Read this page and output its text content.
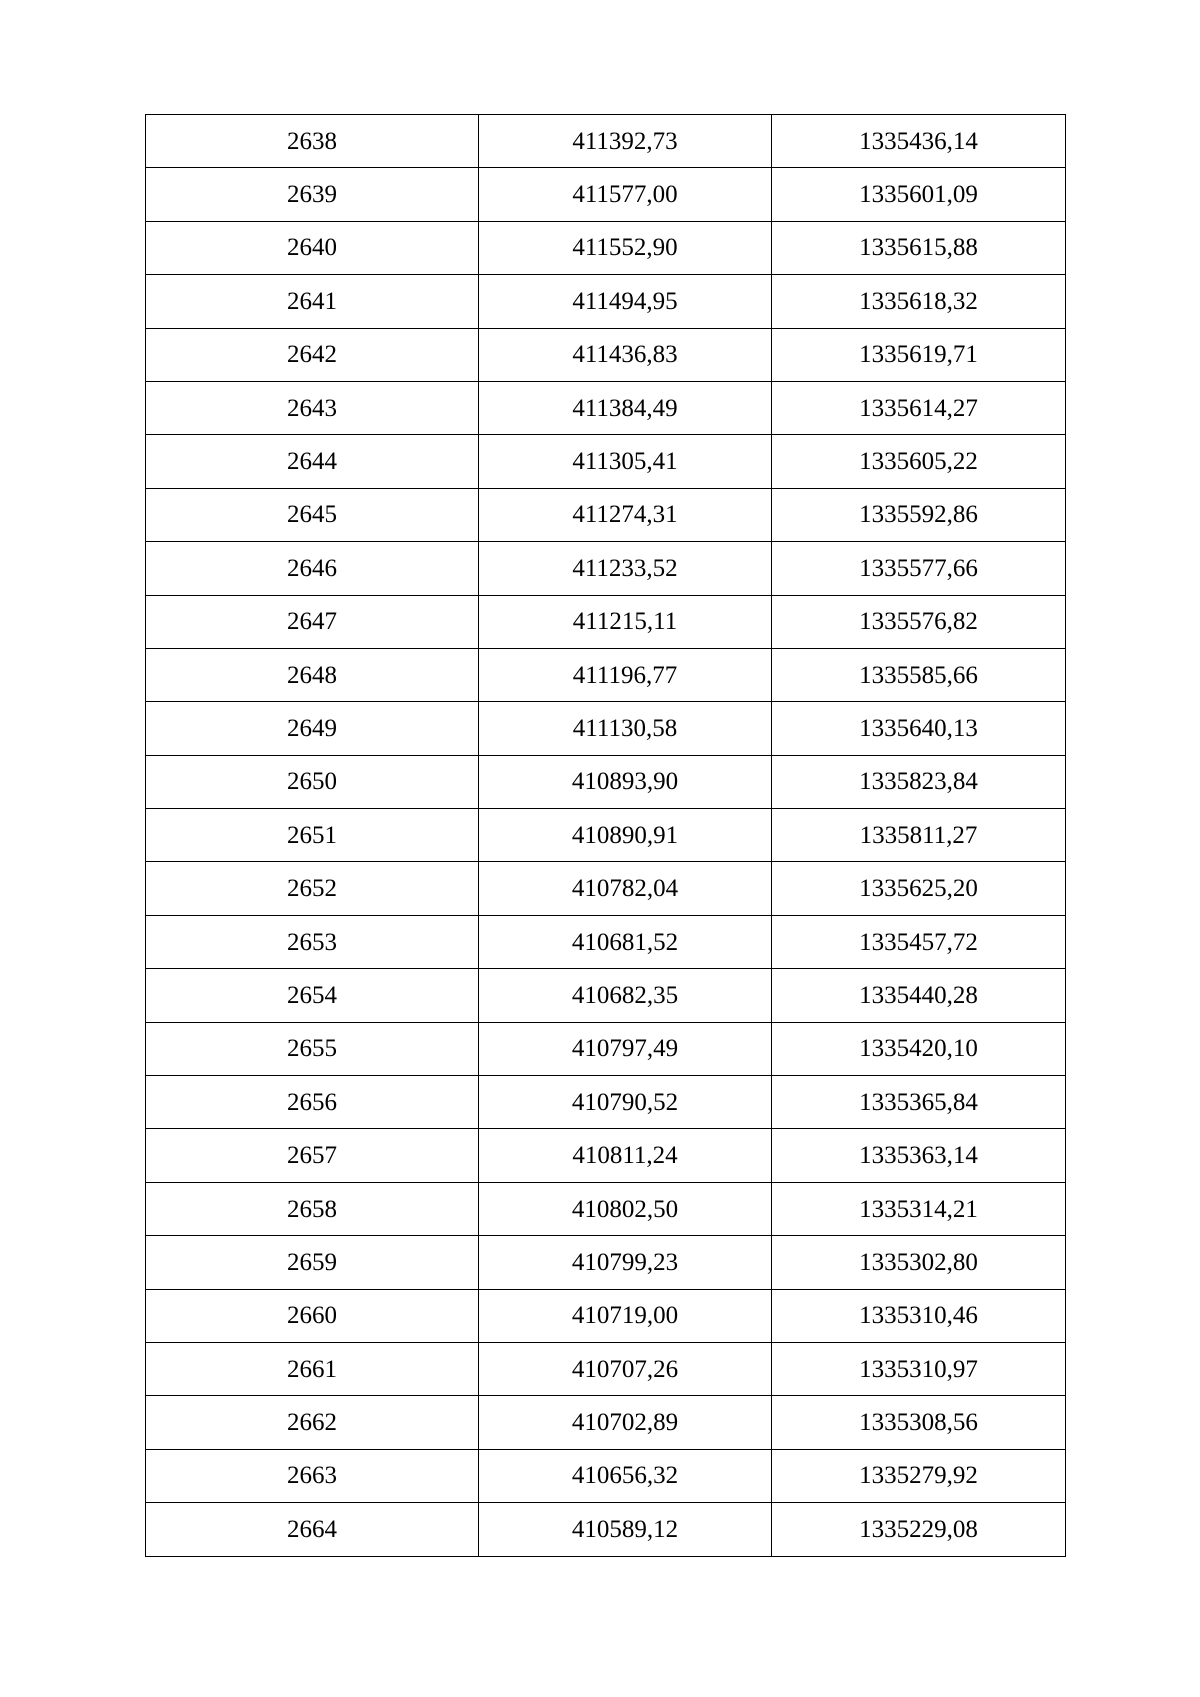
2638	411392,73	1335436,14
2639	411577,00	1335601,09
2640	411552,90	1335615,88
2641	411494,95	1335618,32
2642	411436,83	1335619,71
2643	411384,49	1335614,27
2644	411305,41	1335605,22
2645	411274,31	1335592,86
2646	411233,52	1335577,66
2647	411215,11	1335576,82
2648	411196,77	1335585,66
2649	411130,58	1335640,13
2650	410893,90	1335823,84
2651	410890,91	1335811,27
2652	410782,04	1335625,20
2653	410681,52	1335457,72
2654	410682,35	1335440,28
2655	410797,49	1335420,10
2656	410790,52	1335365,84
2657	410811,24	1335363,14
2658	410802,50	1335314,21
2659	410799,23	1335302,80
2660	410719,00	1335310,46
2661	410707,26	1335310,97
2662	410702,89	1335308,56
2663	410656,32	1335279,92
2664	410589,12	1335229,08
